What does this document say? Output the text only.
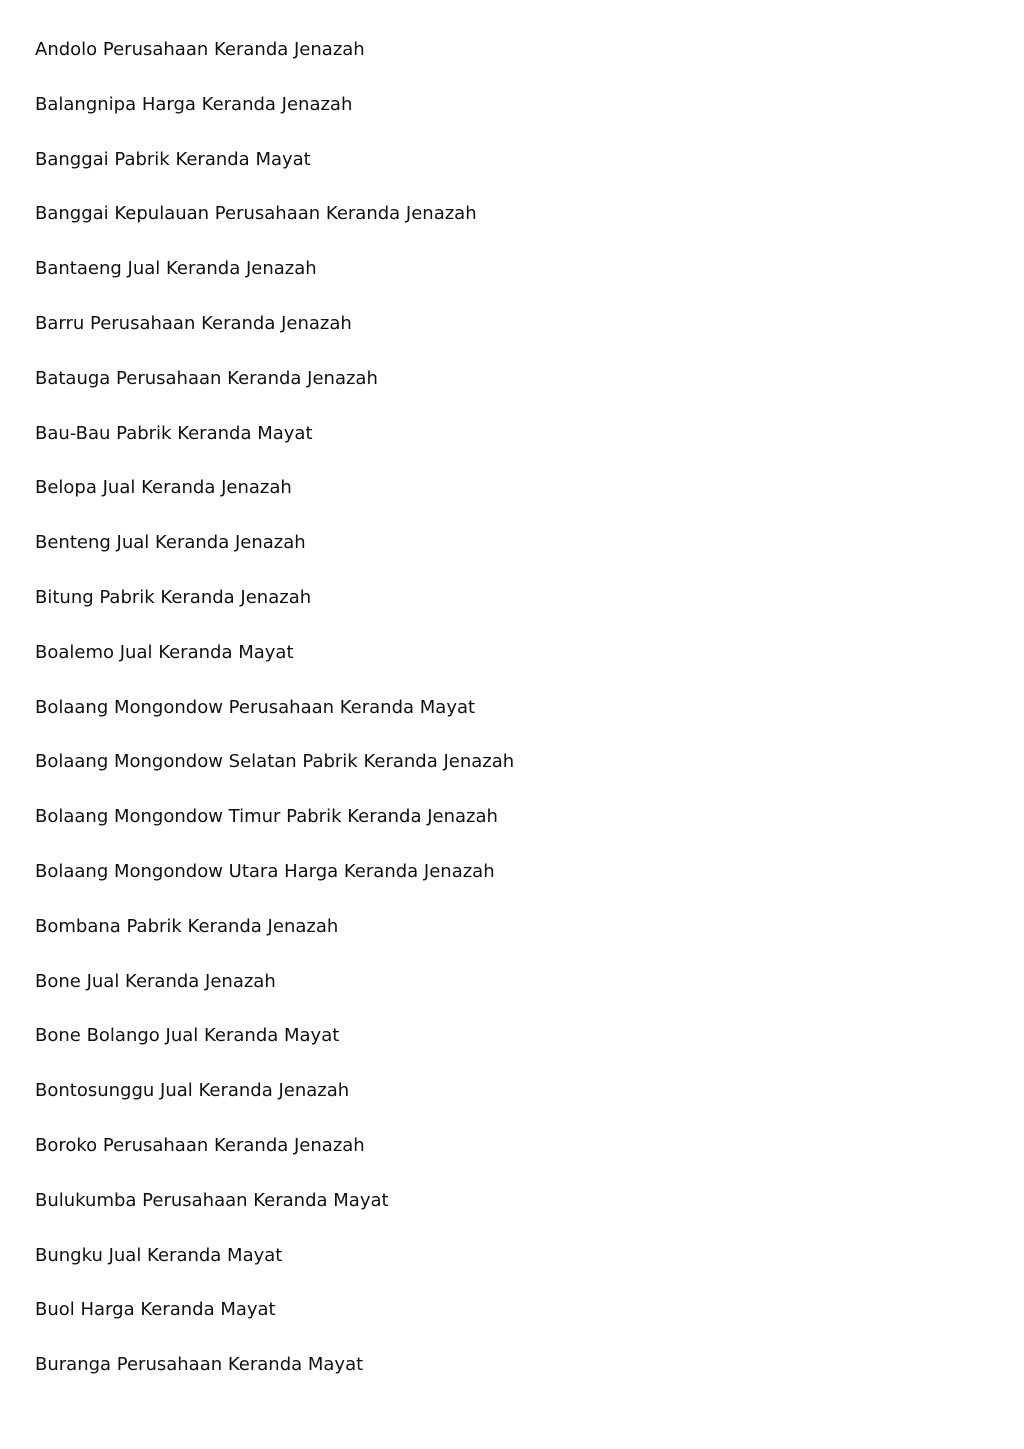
Andolo Perusahaan Keranda Jenazah
Balangnipa Harga Keranda Jenazah
Banggai Pabrik Keranda Mayat
Banggai Kepulauan Perusahaan Keranda Jenazah
Bantaeng Jual Keranda Jenazah
Barru Perusahaan Keranda Jenazah
Batauga Perusahaan Keranda Jenazah
Bau-Bau Pabrik Keranda Mayat
Belopa Jual Keranda Jenazah
Benteng Jual Keranda Jenazah
Bitung Pabrik Keranda Jenazah
Boalemo Jual Keranda Mayat
Bolaang Mongondow Perusahaan Keranda Mayat
Bolaang Mongondow Selatan Pabrik Keranda Jenazah
Bolaang Mongondow Timur Pabrik Keranda Jenazah
Bolaang Mongondow Utara Harga Keranda Jenazah
Bombana Pabrik Keranda Jenazah
Bone Jual Keranda Jenazah
Bone Bolango Jual Keranda Mayat
Bontosunggu Jual Keranda Jenazah
Boroko Perusahaan Keranda Jenazah
Bulukumba Perusahaan Keranda Mayat
Bungku Jual Keranda Mayat
Buol Harga Keranda Mayat
Buranga Perusahaan Keranda Mayat
